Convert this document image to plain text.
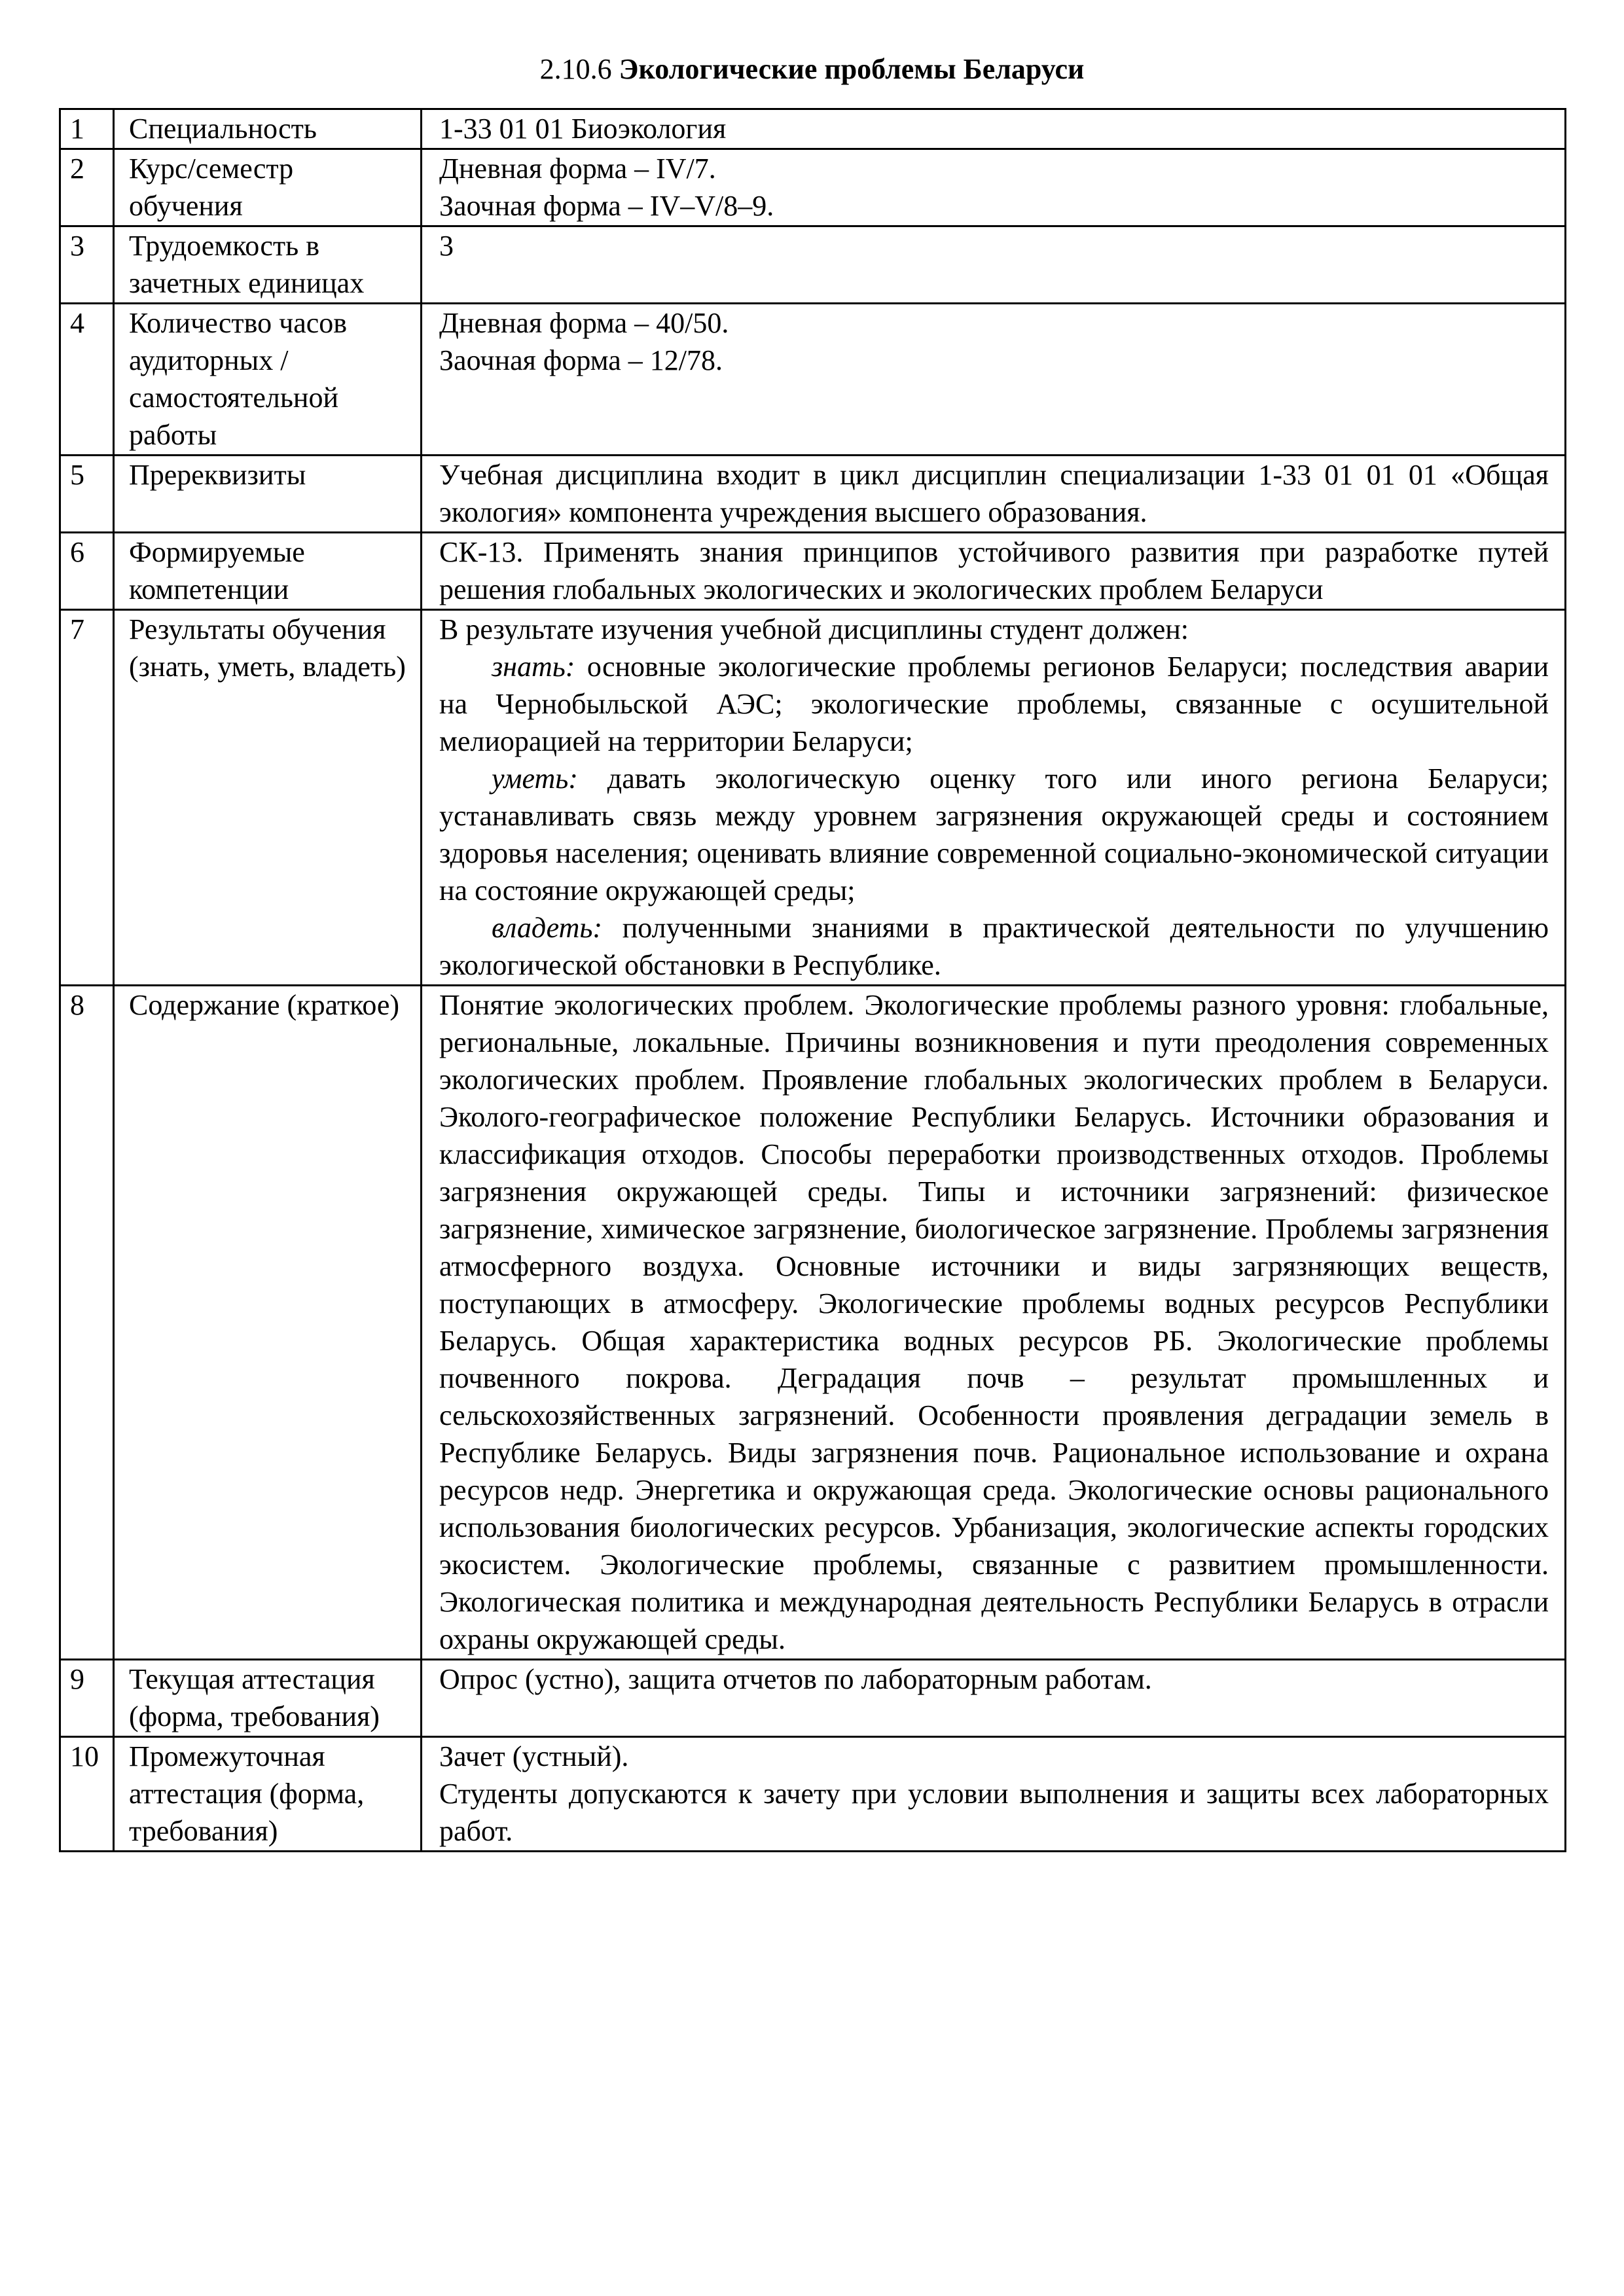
2.10.6 Экологические проблемы Беларуси
1	Специальность	1-33 01 01 Биоэкология

2	Курс/семестр обучения	Дневная форма – IV/7.
Заочная форма – IV–V/8–9.

3	Трудоемкость в зачетных единицах	3

4	Количество часов аудиторных / самостоятельной работы	Дневная форма – 40/50.
Заочная форма – 12/78.

5	Пререквизиты	Учебная дисциплина входит в цикл дисциплин специализации 1-33 01 01 01 «Общая экология» компонента учреждения высшего образования.
6	Формируемые компетенции	СК-13. Применять знания принципов устойчивого развития при разработке путей решения глобальных экологических и экологических проблем Беларуси
7	Результаты обучения (знать, уметь, владеть)	В результате изучения учебной дисциплины студент должен:
знать: основные экологические проблемы регионов Беларуси; последствия аварии на Чернобыльской АЭС; экологические проблемы, связанные с осушительной мелиорацией на территории Беларуси;
уметь: давать экологическую оценку того или иного региона Беларуси; устанавливать связь между уровнем загрязнения окружающей среды и состоянием здоровья населения; оценивать влияние современной социально-экономической ситуации на состояние окружающей среды;
владеть: полученными знаниями в практической деятельности по улучшению экологической обстановки в Республике.

8	Содержание (краткое)	Понятие экологических проблем. Экологические проблемы разного уровня: глобальные, региональные, локальные. Причины возникновения и пути преодоления современных экологических проблем. Проявление глобальных экологических проблем в Беларуси. Эколого-географическое положение Республики Беларусь. Источники образования и классификация отходов. Способы переработки производственных отходов. Проблемы загрязнения окружающей среды. Типы и источники загрязнений: физическое загрязнение, химическое загрязнение, биологическое загрязнение. Проблемы загрязнения атмосферного воздуха. Основные источники и виды загрязняющих веществ, поступающих в атмосферу. Экологические проблемы водных ресурсов Республики Беларусь. Общая характеристика водных ресурсов РБ. Экологические проблемы почвенного покрова. Деградация почв – результат промышленных и сельскохозяйственных загрязнений. Особенности проявления деградации земель в Республике Беларусь. Виды загрязнения почв. Рациональное использование и охрана ресурсов недр. Энергетика и окружающая среда. Экологические основы рационального использования биологических ресурсов. Урбанизация, экологические аспекты городских экосистем. Экологические проблемы, связанные с развитием промышленности. Экологическая политика и международная деятельность Республики Беларусь в отрасли охраны окружающей среды.
9	Текущая аттестация (форма, требования)	Опрос (устно), защита отчетов по лабораторным работам.
10	Промежуточная аттестация (форма, требования)	Зачет (устный).
Студенты допускаются к зачету при условии выполнения и защиты всех лабораторных работ.
